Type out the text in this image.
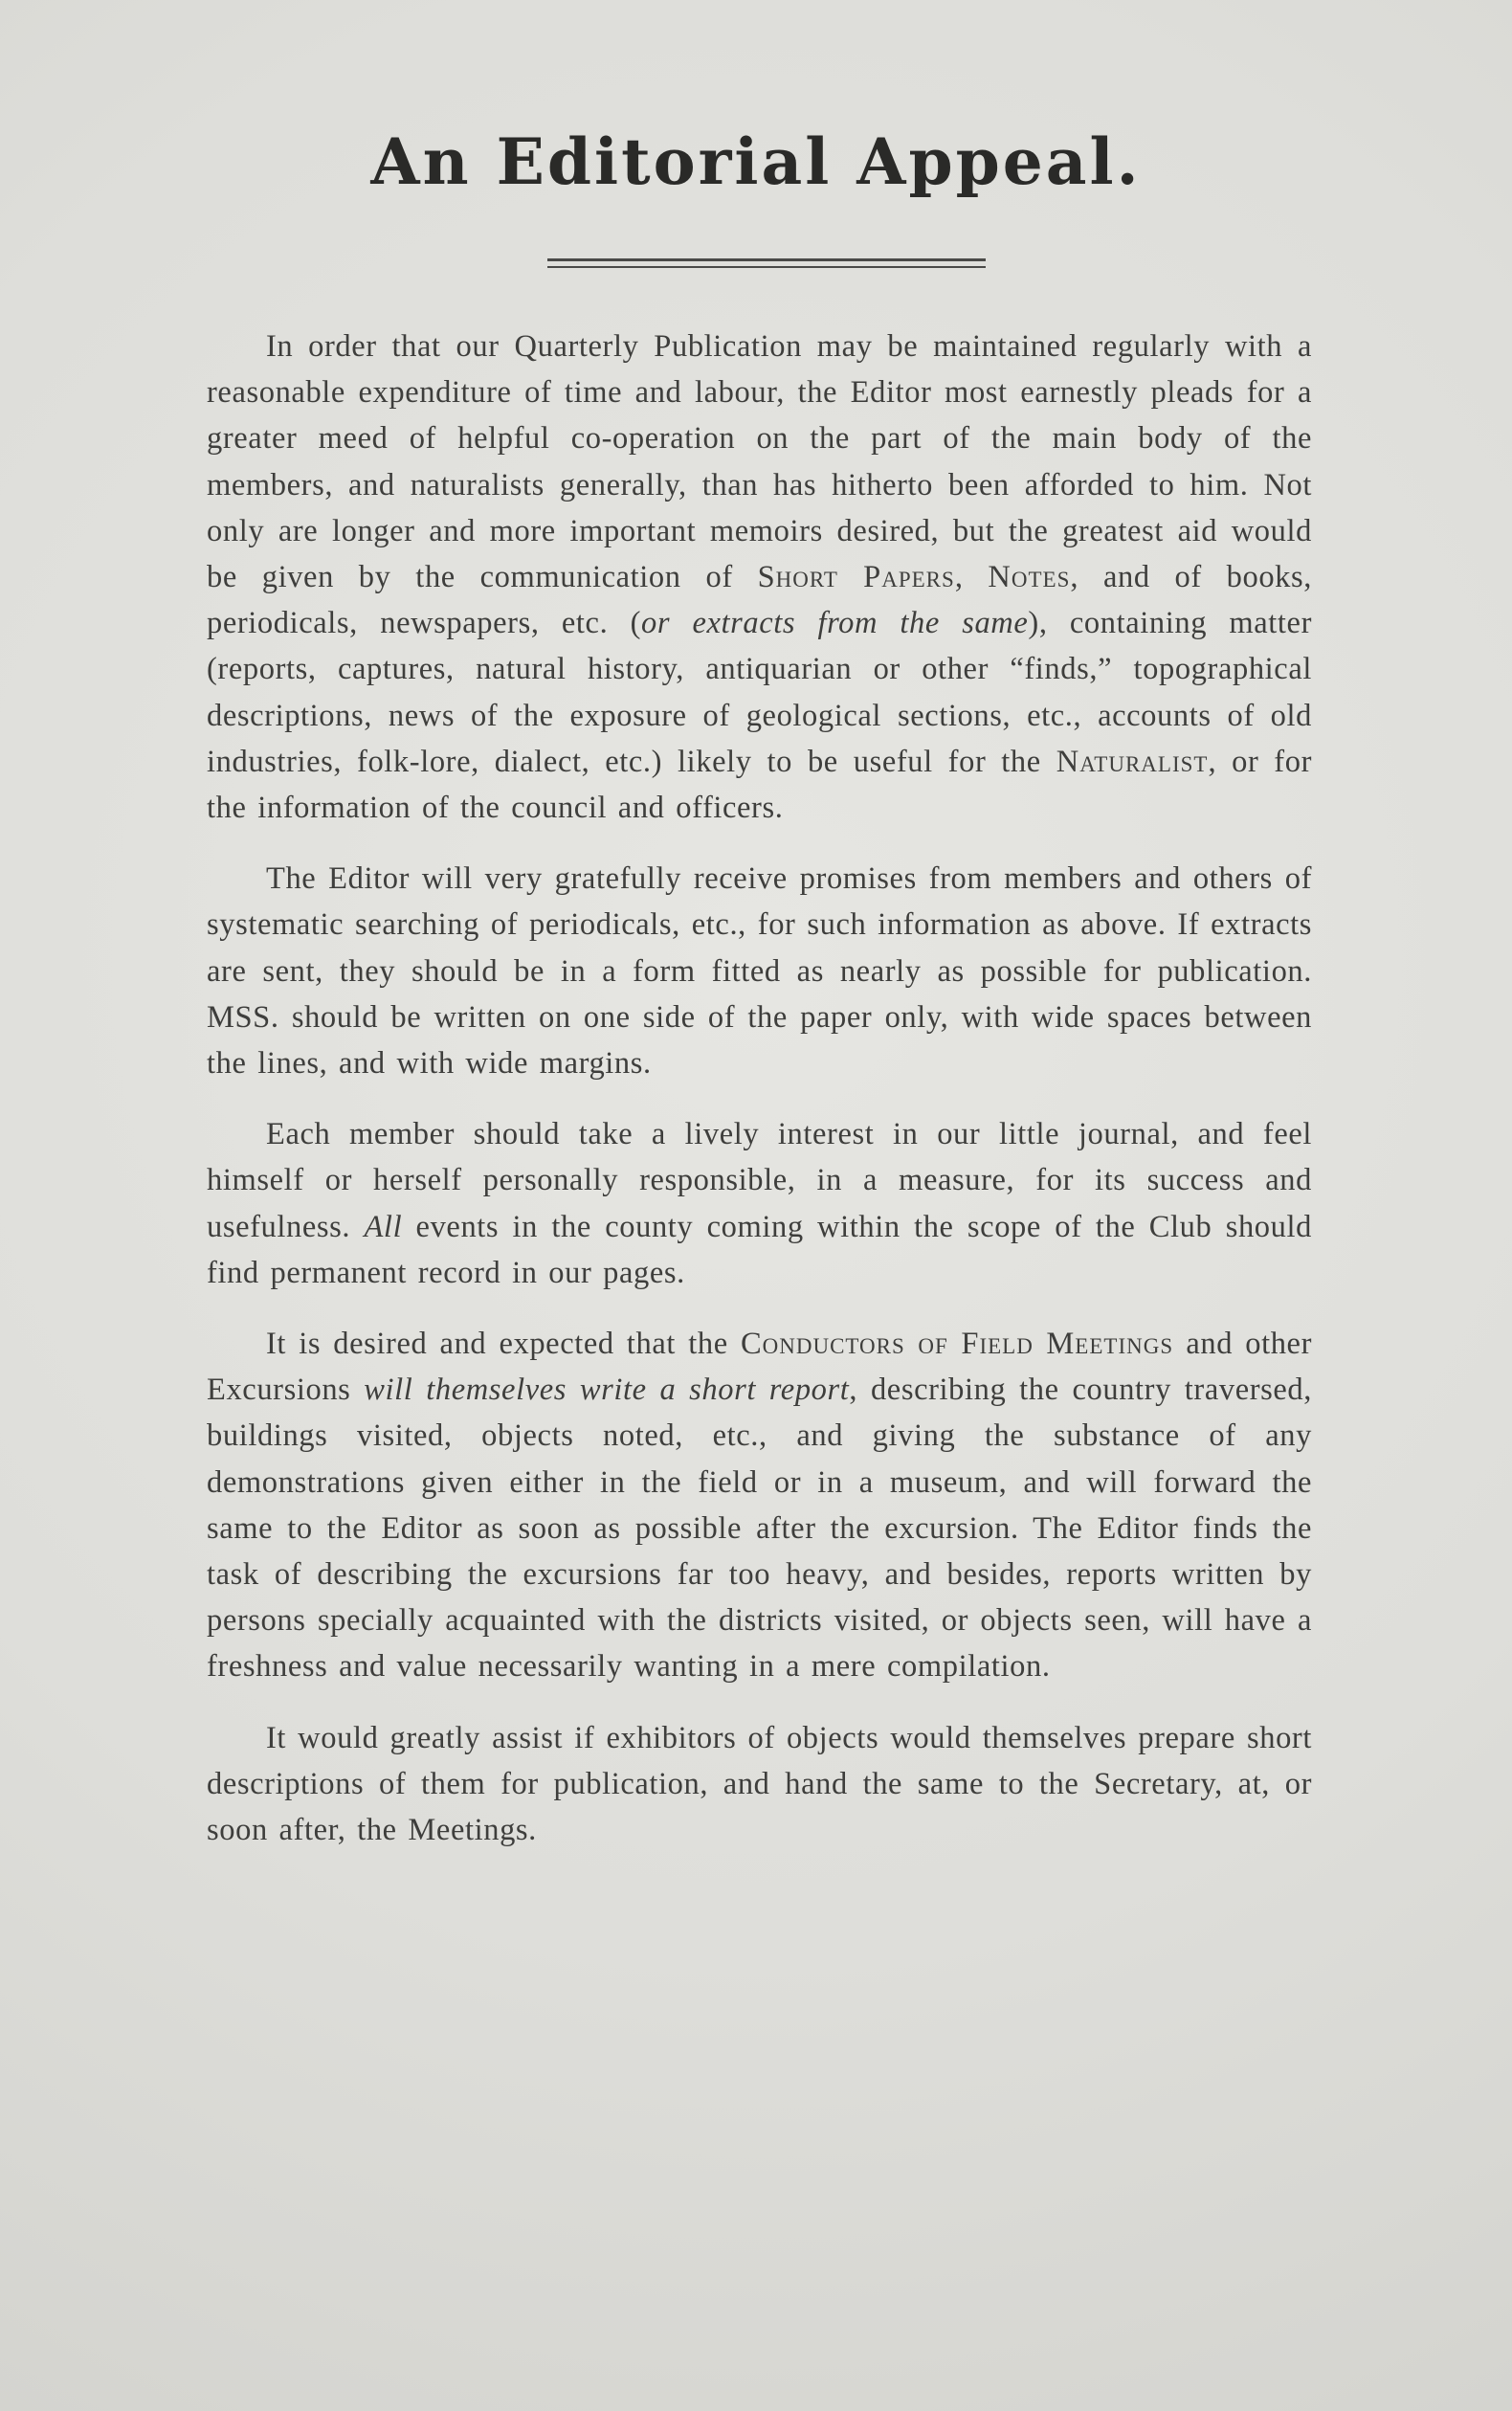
An Editorial Appeal.

In order that our Quarterly Publication may be maintained regularly with a reasonable expenditure of time and labour, the Editor most earnestly pleads for a greater meed of helpful co-operation on the part of the main body of the members, and naturalists generally, than has hitherto been afforded to him. Not only are longer and more important memoirs desired, but the greatest aid would be given by the communication of Short Papers, Notes, and of books, periodicals, newspapers, etc. (or extracts from the same), containing matter (reports, captures, natural history, antiquarian or other “finds,” topographical descriptions, news of the exposure of geological sections, etc., accounts of old industries, folk-lore, dialect, etc.) likely to be useful for the Naturalist, or for the information of the council and officers.

The Editor will very gratefully receive promises from members and others of systematic searching of periodicals, etc., for such information as above. If extracts are sent, they should be in a form fitted as nearly as possible for publication. MSS. should be written on one side of the paper only, with wide spaces between the lines, and with wide margins.

Each member should take a lively interest in our little journal, and feel himself or herself personally responsible, in a measure, for its success and usefulness. All events in the county coming within the scope of the Club should find permanent record in our pages.

It is desired and expected that the Conductors of Field Meetings and other Excursions will themselves write a short report, describing the country traversed, buildings visited, objects noted, etc., and giving the substance of any demonstrations given either in the field or in a museum, and will forward the same to the Editor as soon as possible after the excursion. The Editor finds the task of describing the excursions far too heavy, and besides, reports written by persons specially acquainted with the districts visited, or objects seen, will have a freshness and value necessarily wanting in a mere compilation.

It would greatly assist if exhibitors of objects would themselves prepare short descriptions of them for publication, and hand the same to the Secretary, at, or soon after, the Meetings.
